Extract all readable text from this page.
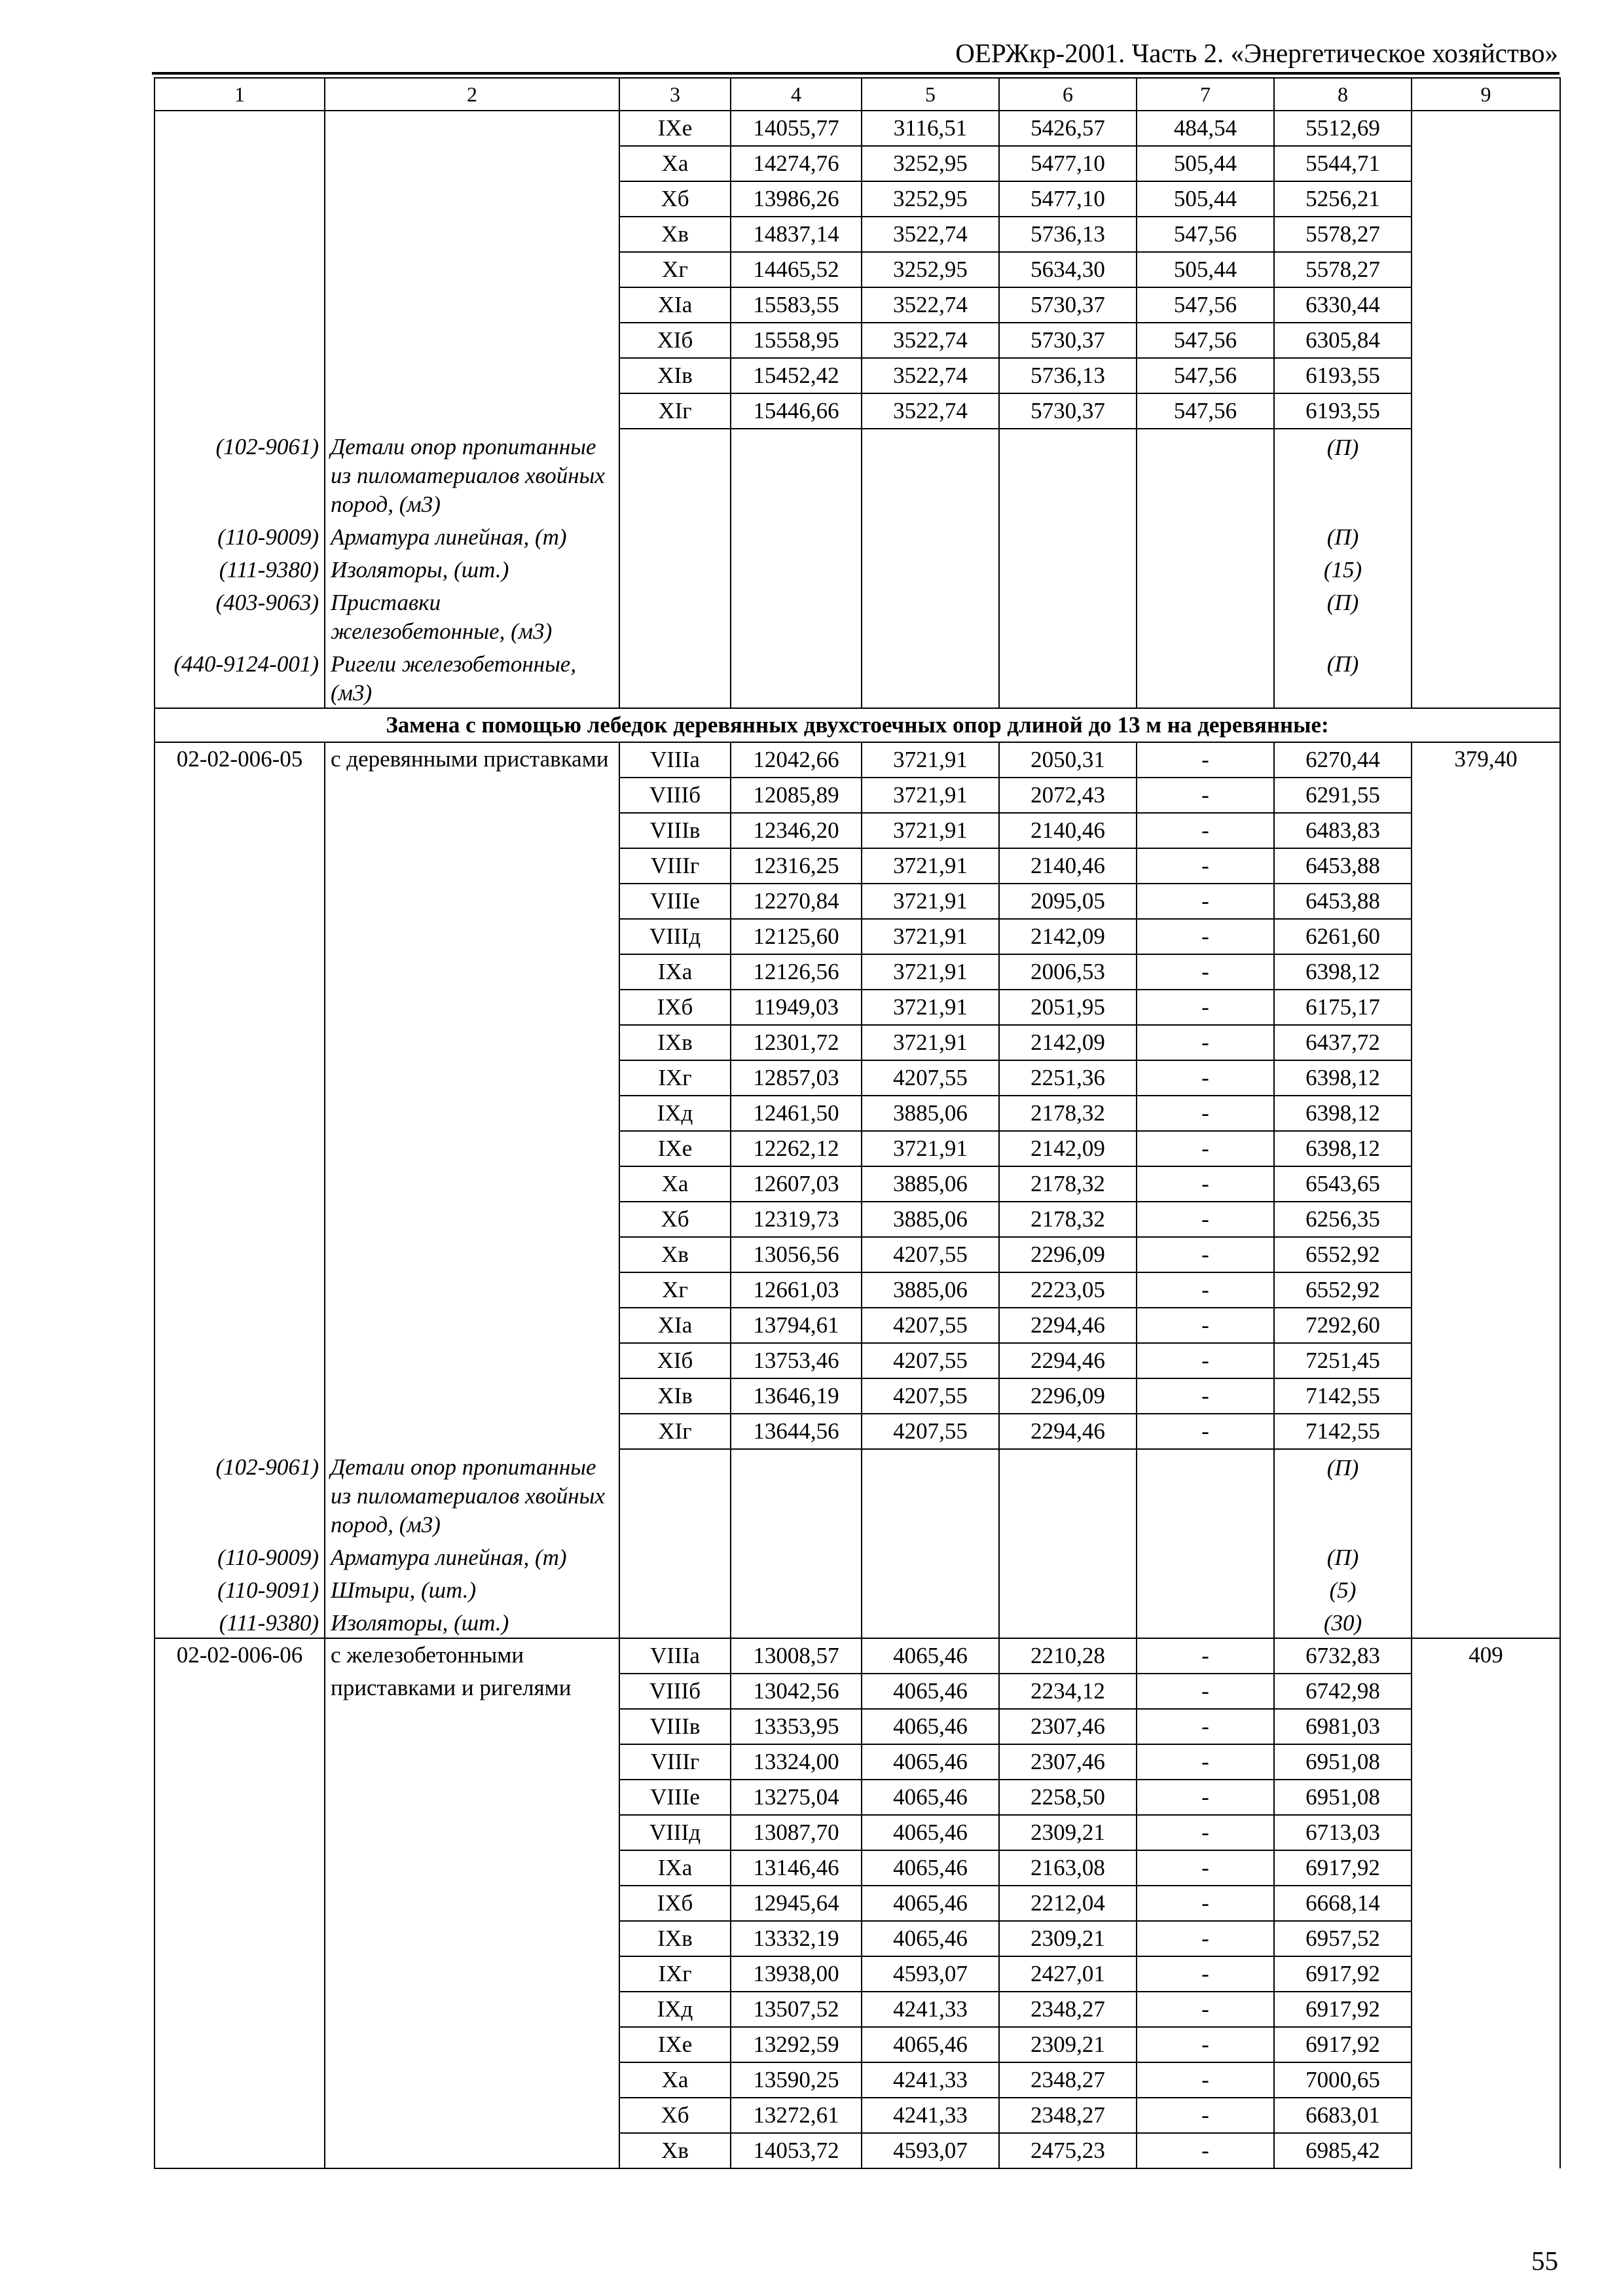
ОЕРЖкр-2001. Часть 2. «Энергетическое хозяйство»
1	2	3	4	5	6	7	8	9
		IXе	14055,77	3116,51	5426,57	484,54	5512,69	
		Xа	14274,76	3252,95	5477,10	505,44	5544,71	
		Xб	13986,26	3252,95	5477,10	505,44	5256,21	
		Xв	14837,14	3522,74	5736,13	547,56	5578,27	
		Xг	14465,52	3252,95	5634,30	505,44	5578,27	
		XIа	15583,55	3522,74	5730,37	547,56	6330,44	
		XIб	15558,95	3522,74	5730,37	547,56	6305,84	
		XIв	15452,42	3522,74	5736,13	547,56	6193,55	
		XIг	15446,66	3522,74	5730,37	547,56	6193,55	
(102-9061)	Детали опор пропитанные из пиломатериалов хвойных пород, (м3)						(П)	
(110-9009)	Арматура линейная, (т)						(П)	
(111-9380)	Изоляторы, (шт.)						(15)	
(403-9063)	Приставки железобетонные, (м3)						(П)	
(440-9124-001)	Ригели железобетонные, (м3)						(П)	
Замена с помощью лебедок деревянных двухстоечных опор длиной до 13 м на деревянные:								
02-02-006-05	с деревянными приставками	VIIIа	12042,66	3721,91	2050,31	-	6270,44	379,40
		VIIIб	12085,89	3721,91	2072,43	-	6291,55	
		VIIIв	12346,20	3721,91	2140,46	-	6483,83	
		VIIIг	12316,25	3721,91	2140,46	-	6453,88	
		VIIIе	12270,84	3721,91	2095,05	-	6453,88	
		VIIIд	12125,60	3721,91	2142,09	-	6261,60	
		IXа	12126,56	3721,91	2006,53	-	6398,12	
		IXб	11949,03	3721,91	2051,95	-	6175,17	
		IXв	12301,72	3721,91	2142,09	-	6437,72	
		IXг	12857,03	4207,55	2251,36	-	6398,12	
		IXд	12461,50	3885,06	2178,32	-	6398,12	
		IXе	12262,12	3721,91	2142,09	-	6398,12	
		Xа	12607,03	3885,06	2178,32	-	6543,65	
		Xб	12319,73	3885,06	2178,32	-	6256,35	
		Xв	13056,56	4207,55	2296,09	-	6552,92	
		Xг	12661,03	3885,06	2223,05	-	6552,92	
		XIа	13794,61	4207,55	2294,46	-	7292,60	
		XIб	13753,46	4207,55	2294,46	-	7251,45	
		XIв	13646,19	4207,55	2296,09	-	7142,55	
		XIг	13644,56	4207,55	2294,46	-	7142,55	
(102-9061)	Детали опор пропитанные из пиломатериалов хвойных пород, (м3)						(П)	
(110-9009)	Арматура линейная, (т)						(П)	
(110-9091)	Штыри, (шт.)						(5)	
(111-9380)	Изоляторы, (шт.)						(30)	
02-02-006-06	с железобетонными приставками и ригелями	VIIIа	13008,57	4065,46	2210,28	-	6732,83	409
		VIIIб	13042,56	4065,46	2234,12	-	6742,98	
		VIIIв	13353,95	4065,46	2307,46	-	6981,03	
		VIIIг	13324,00	4065,46	2307,46	-	6951,08	
		VIIIе	13275,04	4065,46	2258,50	-	6951,08	
		VIIIд	13087,70	4065,46	2309,21	-	6713,03	
		IXа	13146,46	4065,46	2163,08	-	6917,92	
		IXб	12945,64	4065,46	2212,04	-	6668,14	
		IXв	13332,19	4065,46	2309,21	-	6957,52	
		IXг	13938,00	4593,07	2427,01	-	6917,92	
		IXд	13507,52	4241,33	2348,27	-	6917,92	
		IXе	13292,59	4065,46	2309,21	-	6917,92	
		Xа	13590,25	4241,33	2348,27	-	7000,65	
		Xб	13272,61	4241,33	2348,27	-	6683,01	
		Xв	14053,72	4593,07	2475,23	-	6985,42	
55
